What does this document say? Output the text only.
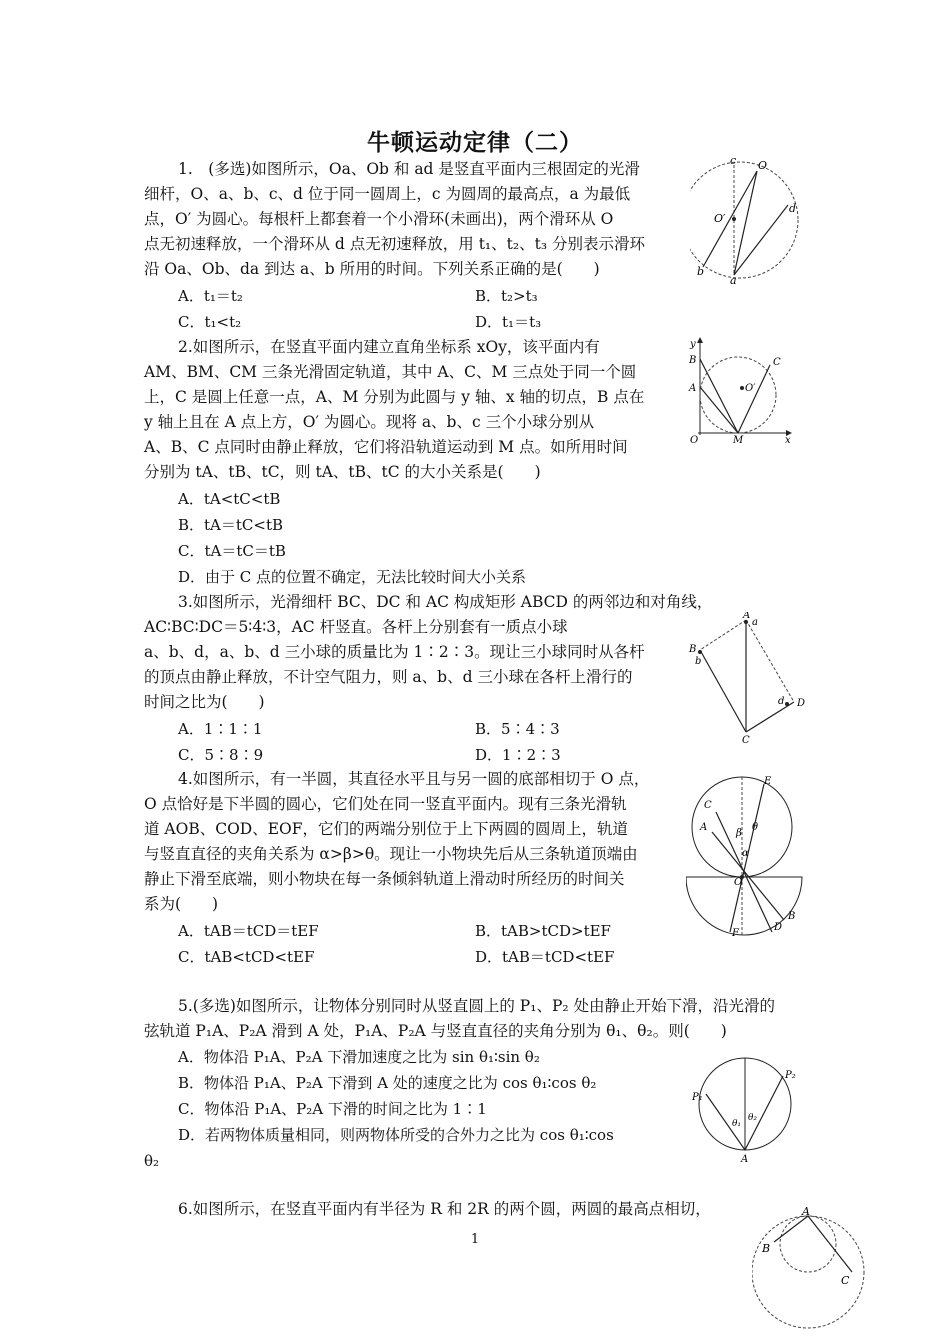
牛顿运动定律（二）
1.　(多选)如图所示，Oa、Ob 和 ad 是竖直平面内三根固定的光滑
细杆，O、a、b、c、d 位于同一圆周上，c 为圆周的最高点，a 为最低
点，O′ 为圆心。每根杆上都套着一个小滑环(未画出)，两个滑环从 O
点无初速释放，一个滑环从 d 点无初速释放，用 t₁、t₂、t₃ 分别表示滑环
沿 Oa、Ob、da 到达 a、b 所用的时间。下列关系正确的是(　　)
A．t₁＝t₂	B．t₂>t₃
C．t₁<t₂	D．t₁＝t₃
c O
O′
d
b
a
2.如图所示，在竖直平面内建立直角坐标系 xOy，该平面内有
AM、BM、CM 三条光滑固定轨道，其中 A、C、M 三点处于同一个圆
上，C 是圆上任意一点，A、M 分别为此圆与 y 轴、x 轴的切点，B 点在
y 轴上且在 A 点上方，O′ 为圆心。现将 a、b、c 三个小球分别从
A、B、C 点同时由静止释放，它们将沿轨道运动到 M 点。如所用时间
分别为 tA、tB、tC，则 tA、tB、tC 的大小关系是(　　)
A．tA<tC<tB
B．tA＝tC<tB
C．tA＝tC＝tB
D．由于 C 点的位置不确定，无法比较时间大小关系
y
B	C
A	O′
O	M	x
3.如图所示，光滑细杆 BC、DC 和 AC 构成矩形 ABCD 的两邻边和对角线，
AC∶BC∶DC＝5∶4∶3，AC 杆竖直。各杆上分别套有一质点小球
a、b、d，a、b、d 三小球的质量比为 1∶2∶3。现让三小球同时从各杆
的顶点由静止释放，不计空气阻力，则 a、b、d 三小球在各杆上滑行的
时间之比为(　　)
A．1∶1∶1	B．5∶4∶3
C．5∶8∶9	D．1∶2∶3
A
a
B
b
d D
C
4.如图所示，有一半圆，其直径水平且与另一圆的底部相切于 O 点，
O 点恰好是下半圆的圆心，它们处在同一竖直平面内。现有三条光滑轨
道 AOB、COD、EOF，它们的两端分别位于上下两圆的圆周上，轨道
与竖直直径的夹角关系为 α>β>θ。现让一小物块先后从三条轨道顶端由
静止下滑至底端，则小物块在每一条倾斜轨道上滑动时所经历的时间关
系为(　　)
A．tAB＝tCD＝tEF	B．tAB>tCD>tEF
C．tAB<tCD<tEF	D．tAB＝tCD<tEF
E
C
A
β
θ
α
O
B
D
F
5.(多选)如图所示，让物体分别同时从竖直圆上的 P₁、P₂ 处由静止开始下滑，沿光滑的
弦轨道 P₁A、P₂A 滑到 A 处，P₁A、P₂A 与竖直直径的夹角分别为 θ₁、θ₂。则(　　)
A．物体沿 P₁A、P₂A 下滑加速度之比为 sin θ₁∶sin θ₂
B．物体沿 P₁A、P₂A 下滑到 A 处的速度之比为 cos θ₁∶cos θ₂
C．物体沿 P₁A、P₂A 下滑的时间之比为 1∶1
D．若两物体质量相同，则两物体所受的合外力之比为 cos θ₁∶cos
θ₂
P₂
P₁
θ₁
θ₂
A
6.如图所示，在竖直平面内有半径为 R 和 2R 的两个圆，两圆的最高点相切，	A
B
C
1
